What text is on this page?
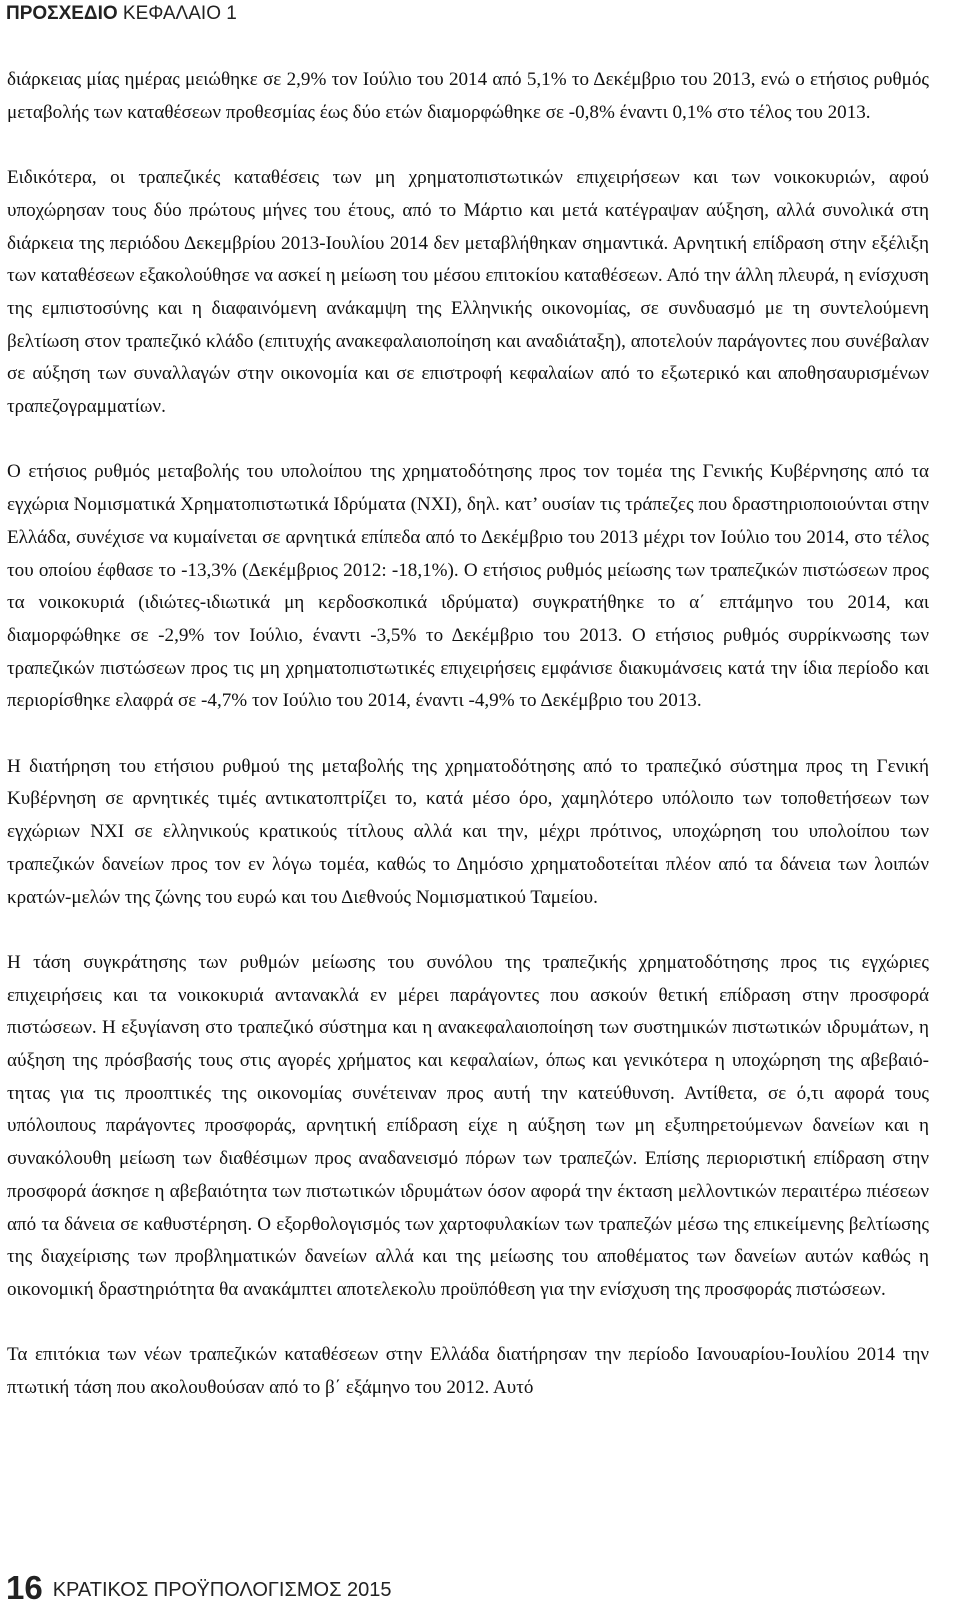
ΠΡΟΣΧΕΔΙΟ ΚΕΦΑΛΑΙΟ 1

διάρκειας μίας ημέρας μειώθηκε σε 2,9% τον Ιούλιο του 2014 από 5,1% το Δεκέμβριο του 2013, ενώ ο ετήσιος ρυθμός μεταβολής των καταθέσεων προθεσμίας έως δύο ετών διαμορφώθηκε σε -0,8% έναντι 0,1% στο τέλος του 2013.

Ειδικότερα, οι τραπεζικές καταθέσεις των μη χρηματοπιστωτικών επιχειρήσεων και των νοικοκυριών, αφού υποχώρησαν τους δύο πρώτους μήνες του έτους, από το Μάρτιο και μετά κατέγραψαν αύξηση, αλλά συνολικά στη διάρκεια της περιόδου Δεκεμβρίου 2013-Ιουλίου 2014 δεν μεταβλήθηκαν σημαντικά. Αρνητική επίδραση στην εξέλιξη των καταθέσεων εξακολούθησε να ασκεί η μείωση του μέσου επιτοκίου καταθέσεων. Από την άλλη πλευρά, η ενίσχυση της εμπιστοσύνης και η διαφαινόμενη ανάκαμψη της Ελληνικής οικονομίας, σε συνδυασμό με τη συντελούμενη βελτίωση στον τραπεζικό κλάδο (επιτυχής ανακεφαλαιοποίηση και αναδιάταξη), αποτελούν παράγοντες που συνέβαλαν σε αύξηση των συναλλαγών στην οικονομία και σε επιστροφή κεφαλαίων από το εξωτερικό και αποθησαυρισμένων τραπεζογραμματίων.

Ο ετήσιος ρυθμός μεταβολής του υπολοίπου της χρηματοδότησης προς τον τομέα της Γενικής Κυβέρνησης από τα εγχώρια Νομισματικά Χρηματοπιστωτικά Ιδρύματα (ΝΧΙ), δηλ. κατ’ ουσίαν τις τράπεζες που δραστηριοποιούνται στην Ελλάδα, συνέχισε να κυμαίνεται σε αρνητικά επίπεδα από το Δεκέμβριο του 2013 μέχρι τον Ιούλιο του 2014, στο τέλος του οποίου έφθασε το -13,3% (Δεκέμβριος 2012: -18,1%). Ο ετήσιος ρυθμός μείωσης των τραπεζικών πιστώσεων προς τα νοικοκυριά (ιδιώτες-ιδιωτικά μη κερδοσκοπικά ιδρύματα) συγκρατήθηκε το α΄ επτάμηνο του 2014, και διαμορφώθηκε σε -2,9% τον Ιούλιο, έναντι -3,5% το Δεκέμβριο του 2013. Ο ετήσιος ρυθμός συρρίκνωσης των τραπεζικών πιστώσεων προς τις μη χρηματοπιστωτικές επιχειρήσεις εμφάνισε διακυμάνσεις κατά την ίδια περίοδο και περιορίσθηκε ελαφρά σε -4,7% τον Ιούλιο του 2014, έναντι -4,9% το Δεκέμβριο του 2013.

Η διατήρηση του ετήσιου ρυθμού της μεταβολής της χρηματοδότησης από το τραπεζικό σύστημα προς τη Γενική Κυβέρνηση σε αρνητικές τιμές αντικατοπτρίζει το, κατά μέσο όρο, χαμηλότερο υπόλοιπο των τοποθετήσεων των εγχώριων ΝΧΙ σε ελληνικούς κρατικούς τίτλους αλλά και την, μέχρι πρότινος, υποχώρηση του υπολοίπου των τραπεζικών δανείων προς τον εν λόγω τομέα, καθώς το Δημόσιο χρηματοδοτείται πλέον από τα δάνεια των λοιπών κρατών-μελών της ζώνης του ευρώ και του Διεθνούς Νομισματικού Ταμείου.

Η τάση συγκράτησης των ρυθμών μείωσης του συνόλου της τραπεζικής χρηματοδότησης προς τις εγχώριες επιχειρήσεις και τα νοικοκυριά αντανακλά εν μέρει παράγοντες που ασκούν θετική επίδραση στην προσφορά πιστώσεων. Η εξυγίανση στο τραπεζικό σύστημα και η ανακεφαλαιοποίηση των συστημικών πιστωτικών ιδρυμάτων, η αύξηση της πρόσβασής τους στις αγορές χρήματος και κεφαλαίων, όπως και γενικότερα η υποχώρηση της αβεβαιότητας για τις προοπτικές της οικονομίας συνέτειναν προς αυτή την κατεύθυνση. Αντίθετα, σε ό,τι αφορά τους υπόλοιπους παράγοντες προσφοράς, αρνητική επίδραση είχε η αύξηση των μη εξυπηρετούμενων δανείων και η συνακόλουθη μείωση των διαθέσιμων προς αναδανεισμό πόρων των τραπεζών. Επίσης περιοριστική επίδραση στην προσφορά άσκησε η αβεβαιότητα των πιστωτικών ιδρυμάτων όσον αφορά την έκταση μελλοντικών περαιτέρω πιέσεων από τα δάνεια σε καθυστέρηση. Ο εξορθολογισμός των χαρτοφυλακίων των τραπεζών μέσω της επικείμενης βελτίωσης της διαχείρισης των προβληματικών δανείων αλλά και της μείωσης του αποθέματος των δανείων αυτών καθώς η οικονομική δραστηριότητα θα ανακάμπτει αποτελεκολυ προϋπόθεση για την ενίσχυση της προσφοράς πιστώσεων.

Τα επιτόκια των νέων τραπεζικών καταθέσεων στην Ελλάδα διατήρησαν την περίοδο Ιανουαρίου-Ιουλίου 2014 την πτωτική τάση που ακολουθούσαν από το β΄ εξάμηνο του 2012. Αυτό

16 ΚΡΑΤΙΚΟΣ ΠΡΟΫΠΟΛΟΓΙΣΜΟΣ 2015
